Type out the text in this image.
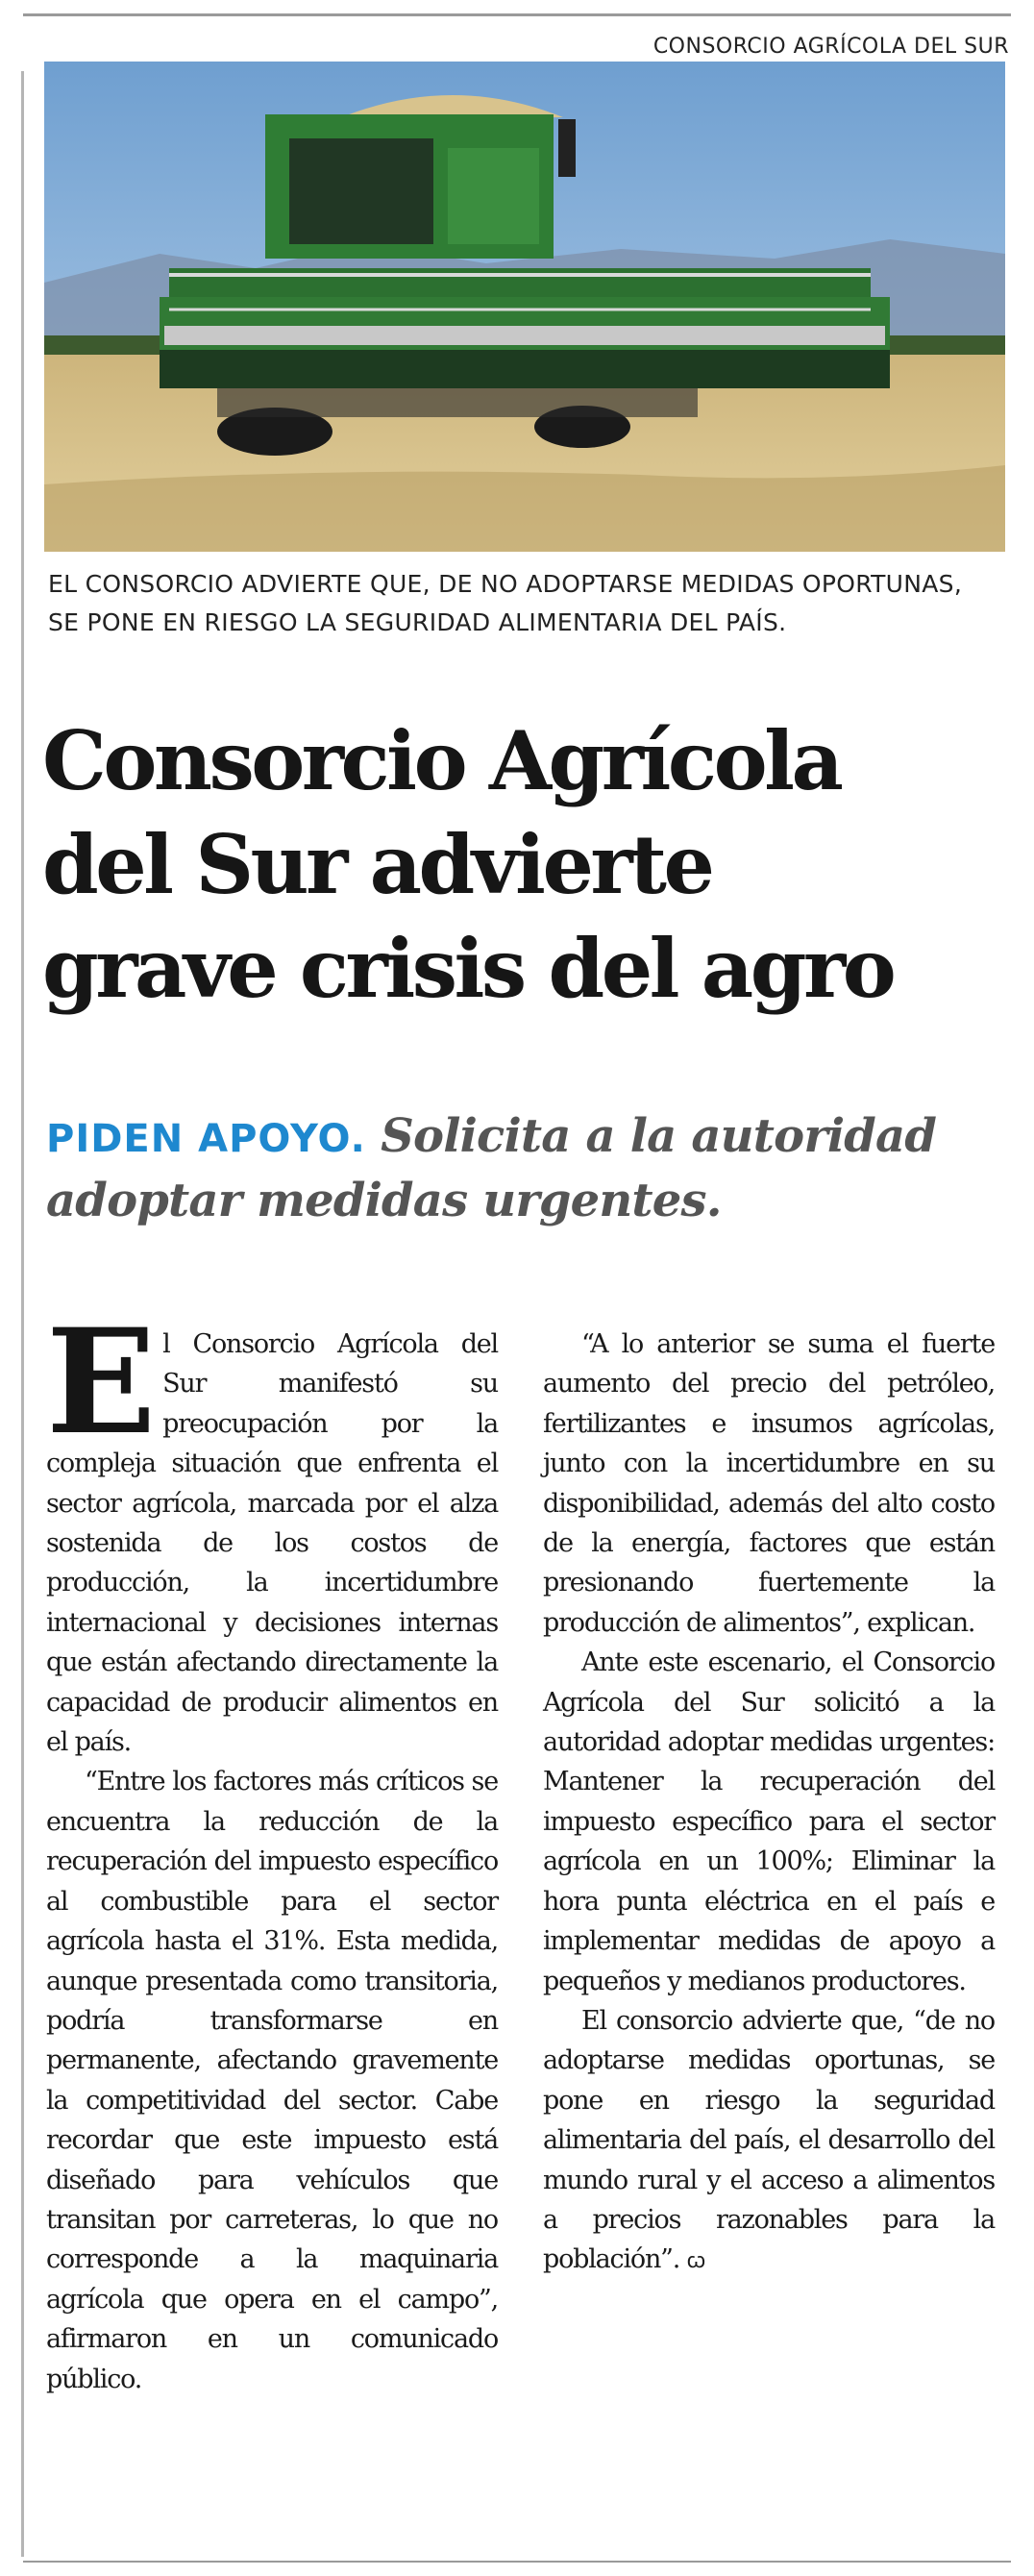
CONSORCIO AGRÍCOLA DEL SUR
EL CONSORCIO ADVIERTE QUE, DE NO ADOPTARSE MEDIDAS OPORTUNAS, SE PONE EN RIESGO LA SEGURIDAD ALIMENTARIA DEL PAÍS.
Consorcio Agrícola
del Sur advierte
grave crisis del agro
PIDEN APOYO. Solicita a la autoridad adoptar medidas urgentes.

El Consorcio Agrícola del Sur manifestó su preocupación por la compleja situación que enfrenta el sector agrícola, marcada por el alza sostenida de los costos de producción, la incertidumbre internacional y decisiones internas que están afectando directamente la capacidad de producir alimentos en el país.

“Entre los factores más críticos se encuentra la reducción de la recuperación del impuesto específico al combustible para el sector agrícola hasta el 31%. Esta medida, aunque presentada como transitoria, podría transformarse en permanente, afectando gravemente la competitividad del sector. Cabe recordar que este impuesto está diseñado para vehículos que transitan por carreteras, lo que no corresponde a la maquinaria agrícola que opera en el campo”, afirmaron en un comunicado público.

“A lo anterior se suma el fuerte aumento del precio del petróleo, fertilizantes e insumos agrícolas, junto con la incertidumbre en su disponibilidad, además del alto costo de la energía, factores que están presionando fuertemente la producción de alimentos”, explican.

Ante este escenario, el Consorcio Agrícola del Sur solicitó a la autoridad adoptar medidas urgentes: Mantener la recuperación del impuesto específico para el sector agrícola en un 100%; Eliminar la hora punta eléctrica en el país e implementar medidas de apoyo a pequeños y medianos productores.

El consorcio advierte que, “de no adoptarse medidas oportunas, se pone en riesgo la seguridad alimentaria del país, el desarrollo del mundo rural y el acceso a alimentos a precios razonables para la población”. ꞷ
